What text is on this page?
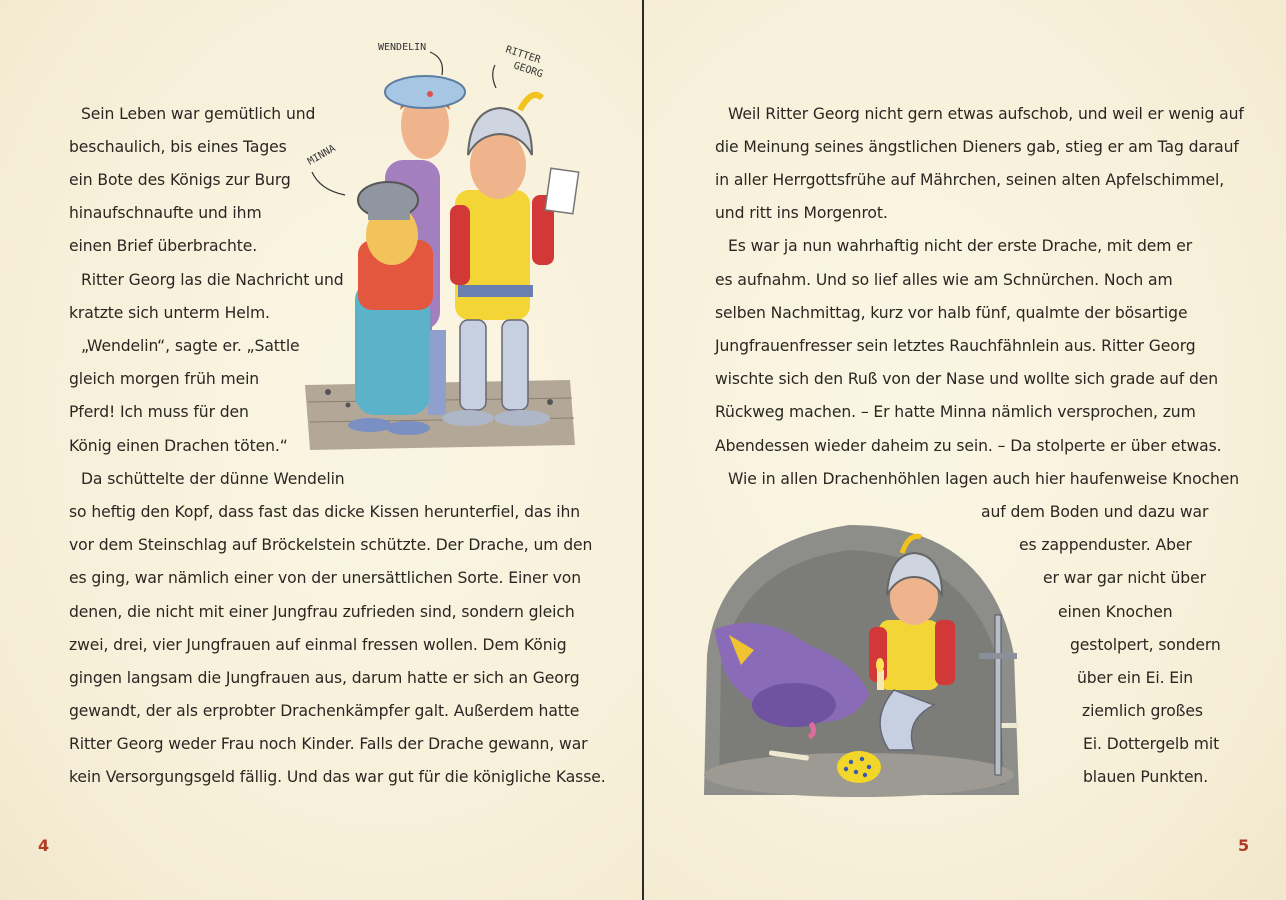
WENDELIN	RITTER
GEORG
MINNA
Sein Leben war gemütlich und
beschaulich, bis eines Tages
ein Bote des Königs zur Burg
hinaufschnaufte und ihm
einen Brief überbrachte.
Ritter Georg las die Nachricht und
kratzte sich unterm Helm.
„Wendelin“, sagte er. „Sattle
gleich morgen früh mein
Pferd! Ich muss für den
König einen Drachen töten.“
Da schüttelte der dünne Wendelin
so heftig den Kopf, dass fast das dicke Kissen herunterfiel, das ihn
vor dem Steinschlag auf Bröckelstein schützte. Der Drache, um den
es ging, war nämlich einer von der unersättlichen Sorte. Einer von
denen, die nicht mit einer Jungfrau zufrieden sind, sondern gleich
zwei, drei, vier Jungfrauen auf einmal fressen wollen. Dem König
gingen langsam die Jungfrauen aus, darum hatte er sich an Georg
gewandt, der als erprobter Drachenkämpfer galt. Außerdem hatte
Ritter Georg weder Frau noch Kinder. Falls der Drache gewann, war
kein Versorgungsgeld fällig. Und das war gut für die königliche Kasse.
4
Weil Ritter Georg nicht gern etwas aufschob, und weil er wenig auf
die Meinung seines ängstlichen Dieners gab, stieg er am Tag darauf
in aller Herrgottsfrühe auf Mährchen, seinen alten Apfelschimmel,
und ritt ins Morgenrot.
Es war ja nun wahrhaftig nicht der erste Drache, mit dem er
es aufnahm. Und so lief alles wie am Schnürchen. Noch am
selben Nachmittag, kurz vor halb fünf, qualmte der bösartige
Jungfrauenfresser sein letztes Rauchfähnlein aus. Ritter Georg
wischte sich den Ruß von der Nase und wollte sich grade auf den
Rückweg machen. – Er hatte Minna nämlich versprochen, zum
Abendessen wieder daheim zu sein. – Da stolperte er über etwas.
Wie in allen Drachenhöhlen lagen auch hier haufenweise Knochen
auf dem Boden und dazu war
es zappenduster. Aber
er war gar nicht über
einen Knochen
gestolpert, sondern
über ein Ei. Ein
ziemlich großes
Ei. Dottergelb mit
blauen Punkten.
5
